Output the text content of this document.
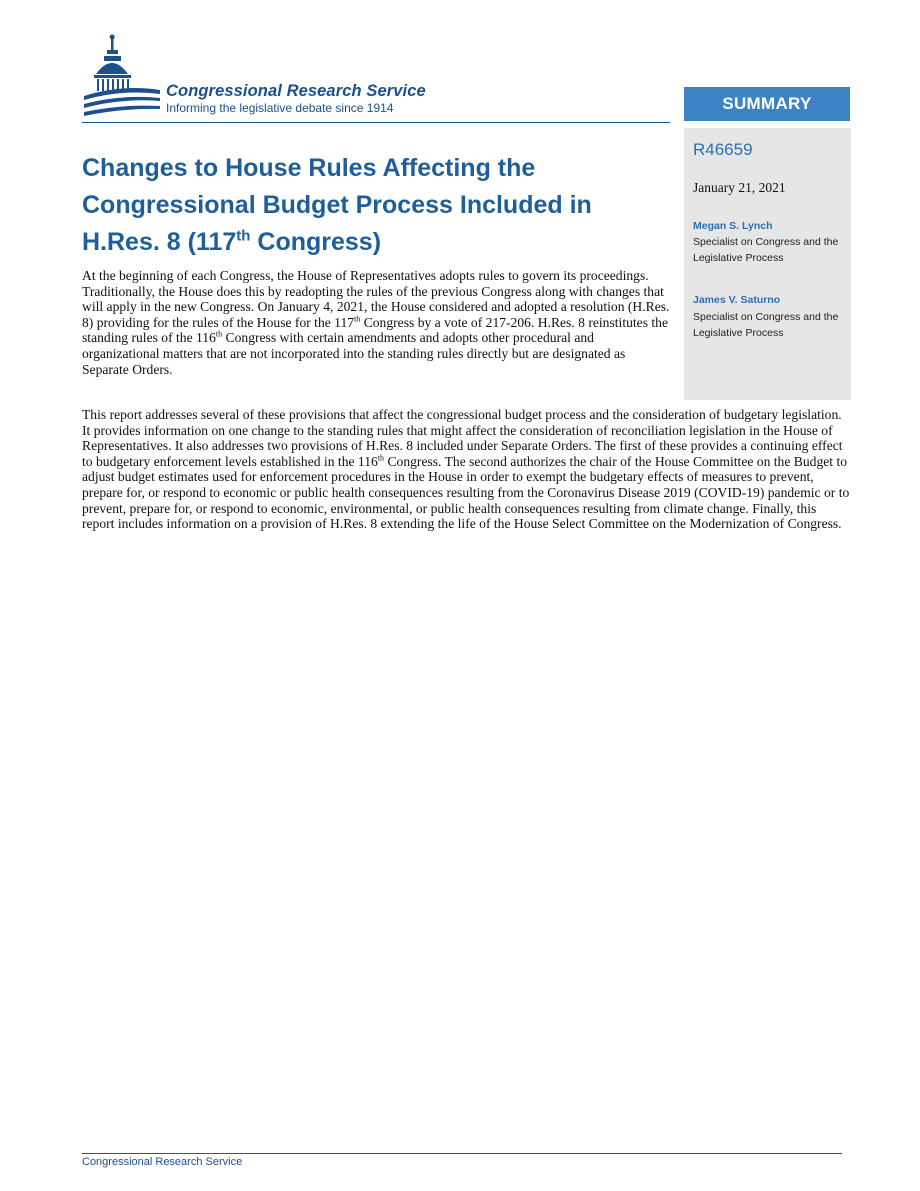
Congressional Research Service
Informing the legislative debate since 1914	SUMMARY
R46659
January 21, 2021
Megan S. Lynch
Specialist on Congress and the Legislative Process
James V. Saturno
Specialist on Congress and the Legislative Process
Changes to House Rules Affecting the
Congressional Budget Process Included in
H.Res. 8 (117th Congress)

At the beginning of each Congress, the House of Representatives adopts rules to govern its proceedings. Traditionally, the House does this by readopting the rules of the previous Congress along with changes that will apply in the new Congress. On January 4, 2021, the House considered and adopted a resolution (H.Res. 8) providing for the rules of the House for the 117th Congress by a vote of 217-206. H.Res. 8 reinstitutes the standing rules of the 116th Congress with certain amendments and adopts other procedural and organizational matters that are not incorporated into the standing rules directly but are designated as Separate Orders.

This report addresses several of these provisions that affect the congressional budget process and the consideration of budgetary legislation. It provides information on one change to the standing rules that might affect the consideration of reconciliation legislation in the House of Representatives. It also addresses two provisions of H.Res. 8 included under Separate Orders. The first of these provides a continuing effect to budgetary enforcement levels established in the 116th Congress. The second authorizes the chair of the House Committee on the Budget to adjust budget estimates used for enforcement procedures in the House in order to exempt the budgetary effects of measures to prevent, prepare for, or respond to economic or public health consequences resulting from the Coronavirus Disease 2019 (COVID-19) pandemic or to prevent, prepare for, or respond to economic, environmental, or public health consequences resulting from climate change. Finally, this report includes information on a provision of H.Res. 8 extending the life of the House Select Committee on the Modernization of Congress.

Congressional Research Service
